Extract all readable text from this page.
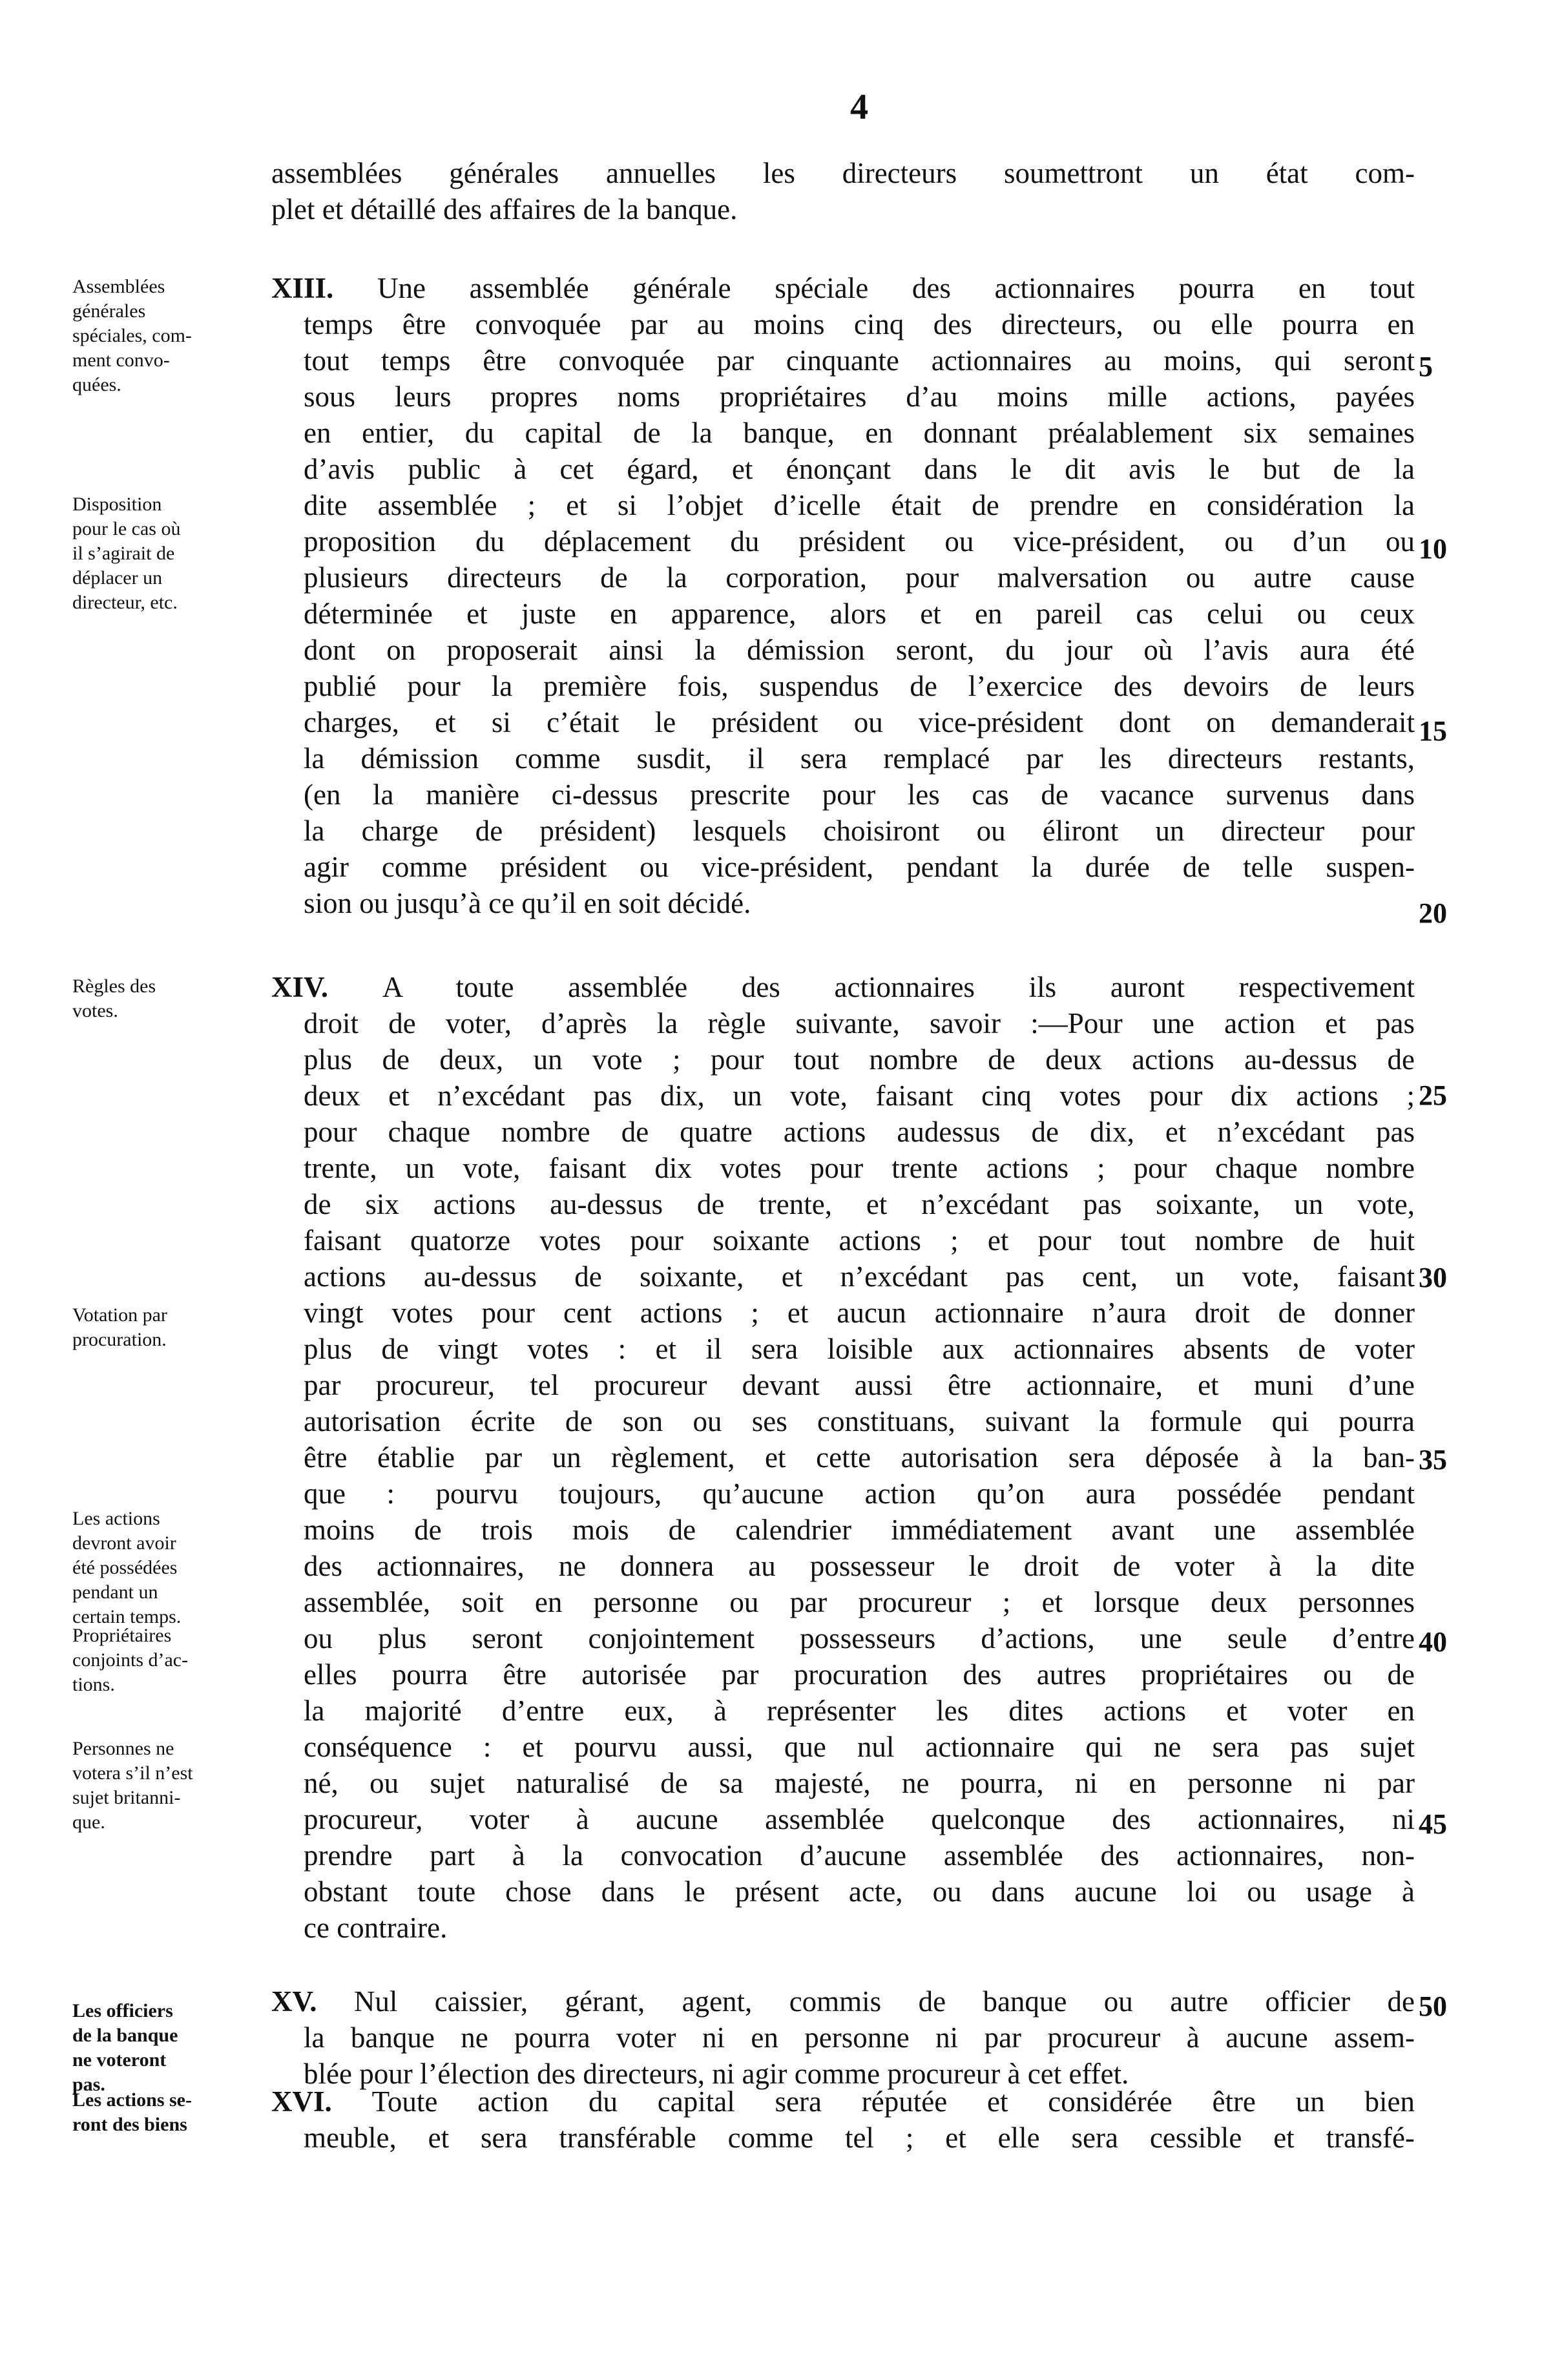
4
assemblées générales annuelles les directeurs soumettront un état com-
plet et détaillé des affaires de la banque.
XIII. Une assemblée générale spéciale des actionnaires pourra en tout
temps être convoquée par au moins cinq des directeurs, ou elle pourra en
tout temps être convoquée par cinquante actionnaires au moins, qui seront
sous leurs propres noms propriétaires d’au moins mille actions, payées
en entier, du capital de la banque, en donnant préalablement six semaines
d’avis public à cet égard, et énonçant dans le dit avis le but de la
dite assemblée ; et si l’objet d’icelle était de prendre en considération la
proposition du déplacement du président ou vice-président, ou d’un ou
plusieurs directeurs de la corporation, pour malversation ou autre cause
déterminée et juste en apparence, alors et en pareil cas celui ou ceux
dont on proposerait ainsi la démission seront, du jour où l’avis aura été
publié pour la première fois, suspendus de l’exercice des devoirs de leurs
charges, et si c’était le président ou vice-président dont on demanderait
la démission comme susdit, il sera remplacé par les directeurs restants,
(en la manière ci-dessus prescrite pour les cas de vacance survenus dans
la charge de président) lesquels choisiront ou éliront un directeur pour
agir comme président ou vice-président, pendant la durée de telle suspen-
sion ou jusqu’à ce qu’il en soit décidé.
XIV. A toute assemblée des actionnaires ils auront respectivement
droit de voter, d’après la règle suivante, savoir :—Pour une action et pas
plus de deux, un vote ; pour tout nombre de deux actions au-dessus de
deux et n’excédant pas dix, un vote, faisant cinq votes pour dix actions ;
pour chaque nombre de quatre actions audessus de dix, et n’excédant pas
trente, un vote, faisant dix votes pour trente actions ; pour chaque nombre
de six actions au-dessus de trente, et n’excédant pas soixante, un vote,
faisant quatorze votes pour soixante actions ; et pour tout nombre de huit
actions au-dessus de soixante, et n’excédant pas cent, un vote, faisant
vingt votes pour cent actions ; et aucun actionnaire n’aura droit de donner
plus de vingt votes : et il sera loisible aux actionnaires absents de voter
par procureur, tel procureur devant aussi être actionnaire, et muni d’une
autorisation écrite de son ou ses constituans, suivant la formule qui pourra
être établie par un règlement, et cette autorisation sera déposée à la ban-
que : pourvu toujours, qu’aucune action qu’on aura possédée pendant
moins de trois mois de calendrier immédiatement avant une assemblée
des actionnaires, ne donnera au possesseur le droit de voter à la dite
assemblée, soit en personne ou par procureur ; et lorsque deux personnes
ou plus seront conjointement possesseurs d’actions, une seule d’entre
elles pourra être autorisée par procuration des autres propriétaires ou de
la majorité d’entre eux, à représenter les dites actions et voter en
conséquence : et pourvu aussi, que nul actionnaire qui ne sera pas sujet
né, ou sujet naturalisé de sa majesté, ne pourra, ni en personne ni par
procureur, voter à aucune assemblée quelconque des actionnaires, ni
prendre part à la convocation d’aucune assemblée des actionnaires, non-
obstant toute chose dans le présent acte, ou dans aucune loi ou usage à
ce contraire.
XV. Nul caissier, gérant, agent, commis de banque ou autre officier de
la banque ne pourra voter ni en personne ni par procureur à aucune assem-
blée pour l’élection des directeurs, ni agir comme procureur à cet effet.
XVI. Toute action du capital sera réputée et considérée être un bien
meuble, et sera transférable comme tel ; et elle sera cessible et transfé-
5
10
15
20
25
30
35
40
45
50
Assemblées
générales
spéciales, com-
ment convo-
quées.
Disposition
pour le cas où
il s’agirait de
déplacer un
directeur, etc.
Règles des
votes.
Votation par
procuration.
Les actions
devront avoir
été possédées
pendant un
certain temps.
Propriétaires
conjoints d’ac-
tions.
Personnes ne
votera s’il n’est
sujet britanni-
que.
Les officiers
de la banque
ne voteront
pas.
Les actions se-
ront des biens
